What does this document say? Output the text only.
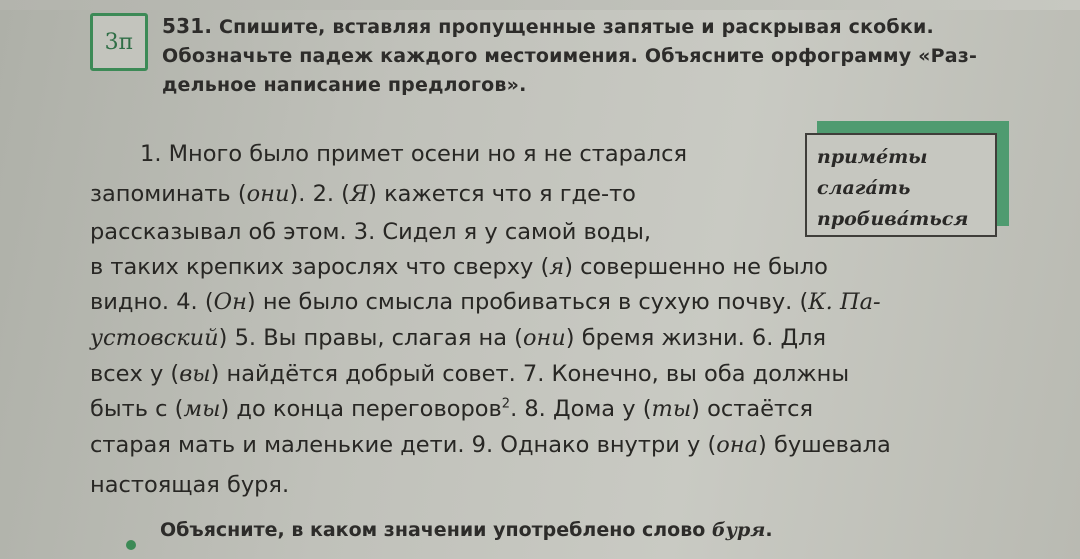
3п
531. Спишите, вставляя пропущенные запятые и раскрывая скобки.
Обозначьте падеж каждого местоимения. Объясните орфограмму «Раз-
дельное написание предлогов».
приме́ты
слага́ть
пробива́ться
1. Много было примет осени но я не старался
запоминать (они). 2. (Я) кажется что я где-то
рассказывал об этом. 3. Сидел я у самой воды,
в таких крепких зарослях что сверху (я) совершенно не было
видно. 4. (Он) не было смысла пробиваться в сухую почву. (К. Па-
устовский) 5. Вы правы, слагая на (они) бремя жизни. 6. Для
всех у (вы) найдётся добрый совет. 7. Конечно, вы оба должны
быть с (мы) до конца переговоров$^2$. 8. Дома у (ты) остаётся
старая мать и маленькие дети. 9. Однако внутри у (она) бушевала
настоящая буря.
Объясните, в каком значении употреблено слово буря.
